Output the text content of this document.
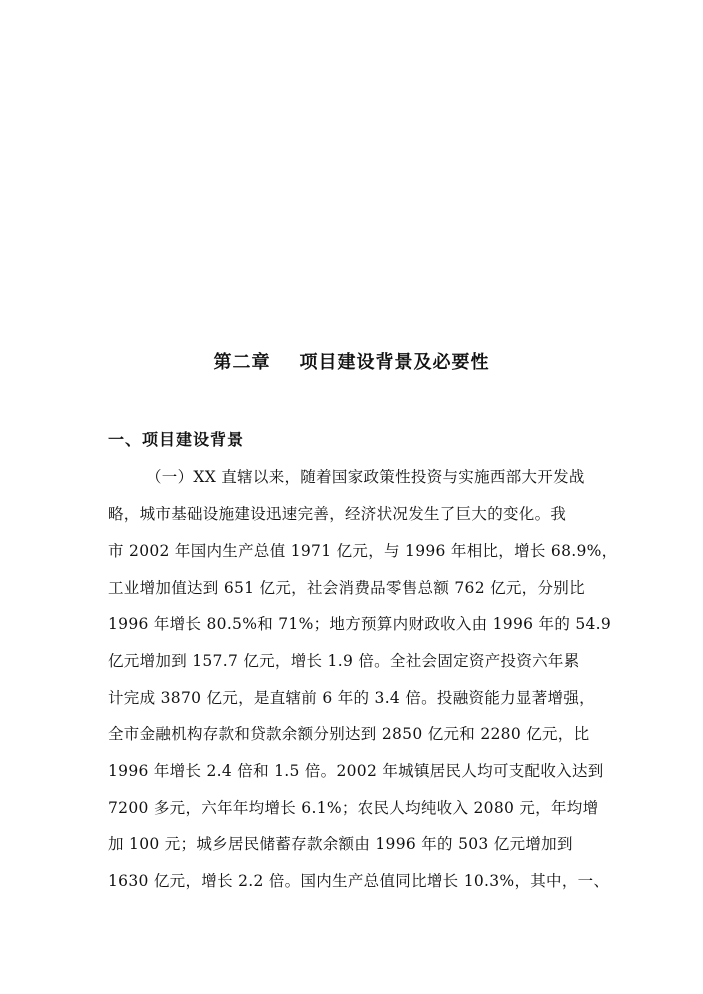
第二章    项目建设背景及必要性
一、项目建设背景
（一）XX 直辖以来，随着国家政策性投资与实施西部大开发战
略，城市基础设施建设迅速完善，经济状况发生了巨大的变化。我
市 2002 年国内生产总值 1971 亿元，与 1996 年相比，增长 68.9%，
工业增加值达到 651 亿元，社会消费品零售总额 762 亿元，分别比
1996 年增长 80.5%和 71%；地方预算内财政收入由 1996 年的 54.9
亿元增加到 157.7 亿元，增长 1.9 倍。全社会固定资产投资六年累
计完成 3870 亿元，是直辖前 6 年的 3.4 倍。投融资能力显著增强，
全市金融机构存款和贷款余额分别达到 2850 亿元和 2280 亿元，比
1996 年增长 2.4 倍和 1.5 倍。2002 年城镇居民人均可支配收入达到
7200 多元，六年年均增长 6.1%；农民人均纯收入 2080 元，年均增
加 100 元；城乡居民储蓄存款余额由 1996 年的 503 亿元增加到
1630 亿元，增长 2.2 倍。国内生产总值同比增长 10.3%，其中，一、
